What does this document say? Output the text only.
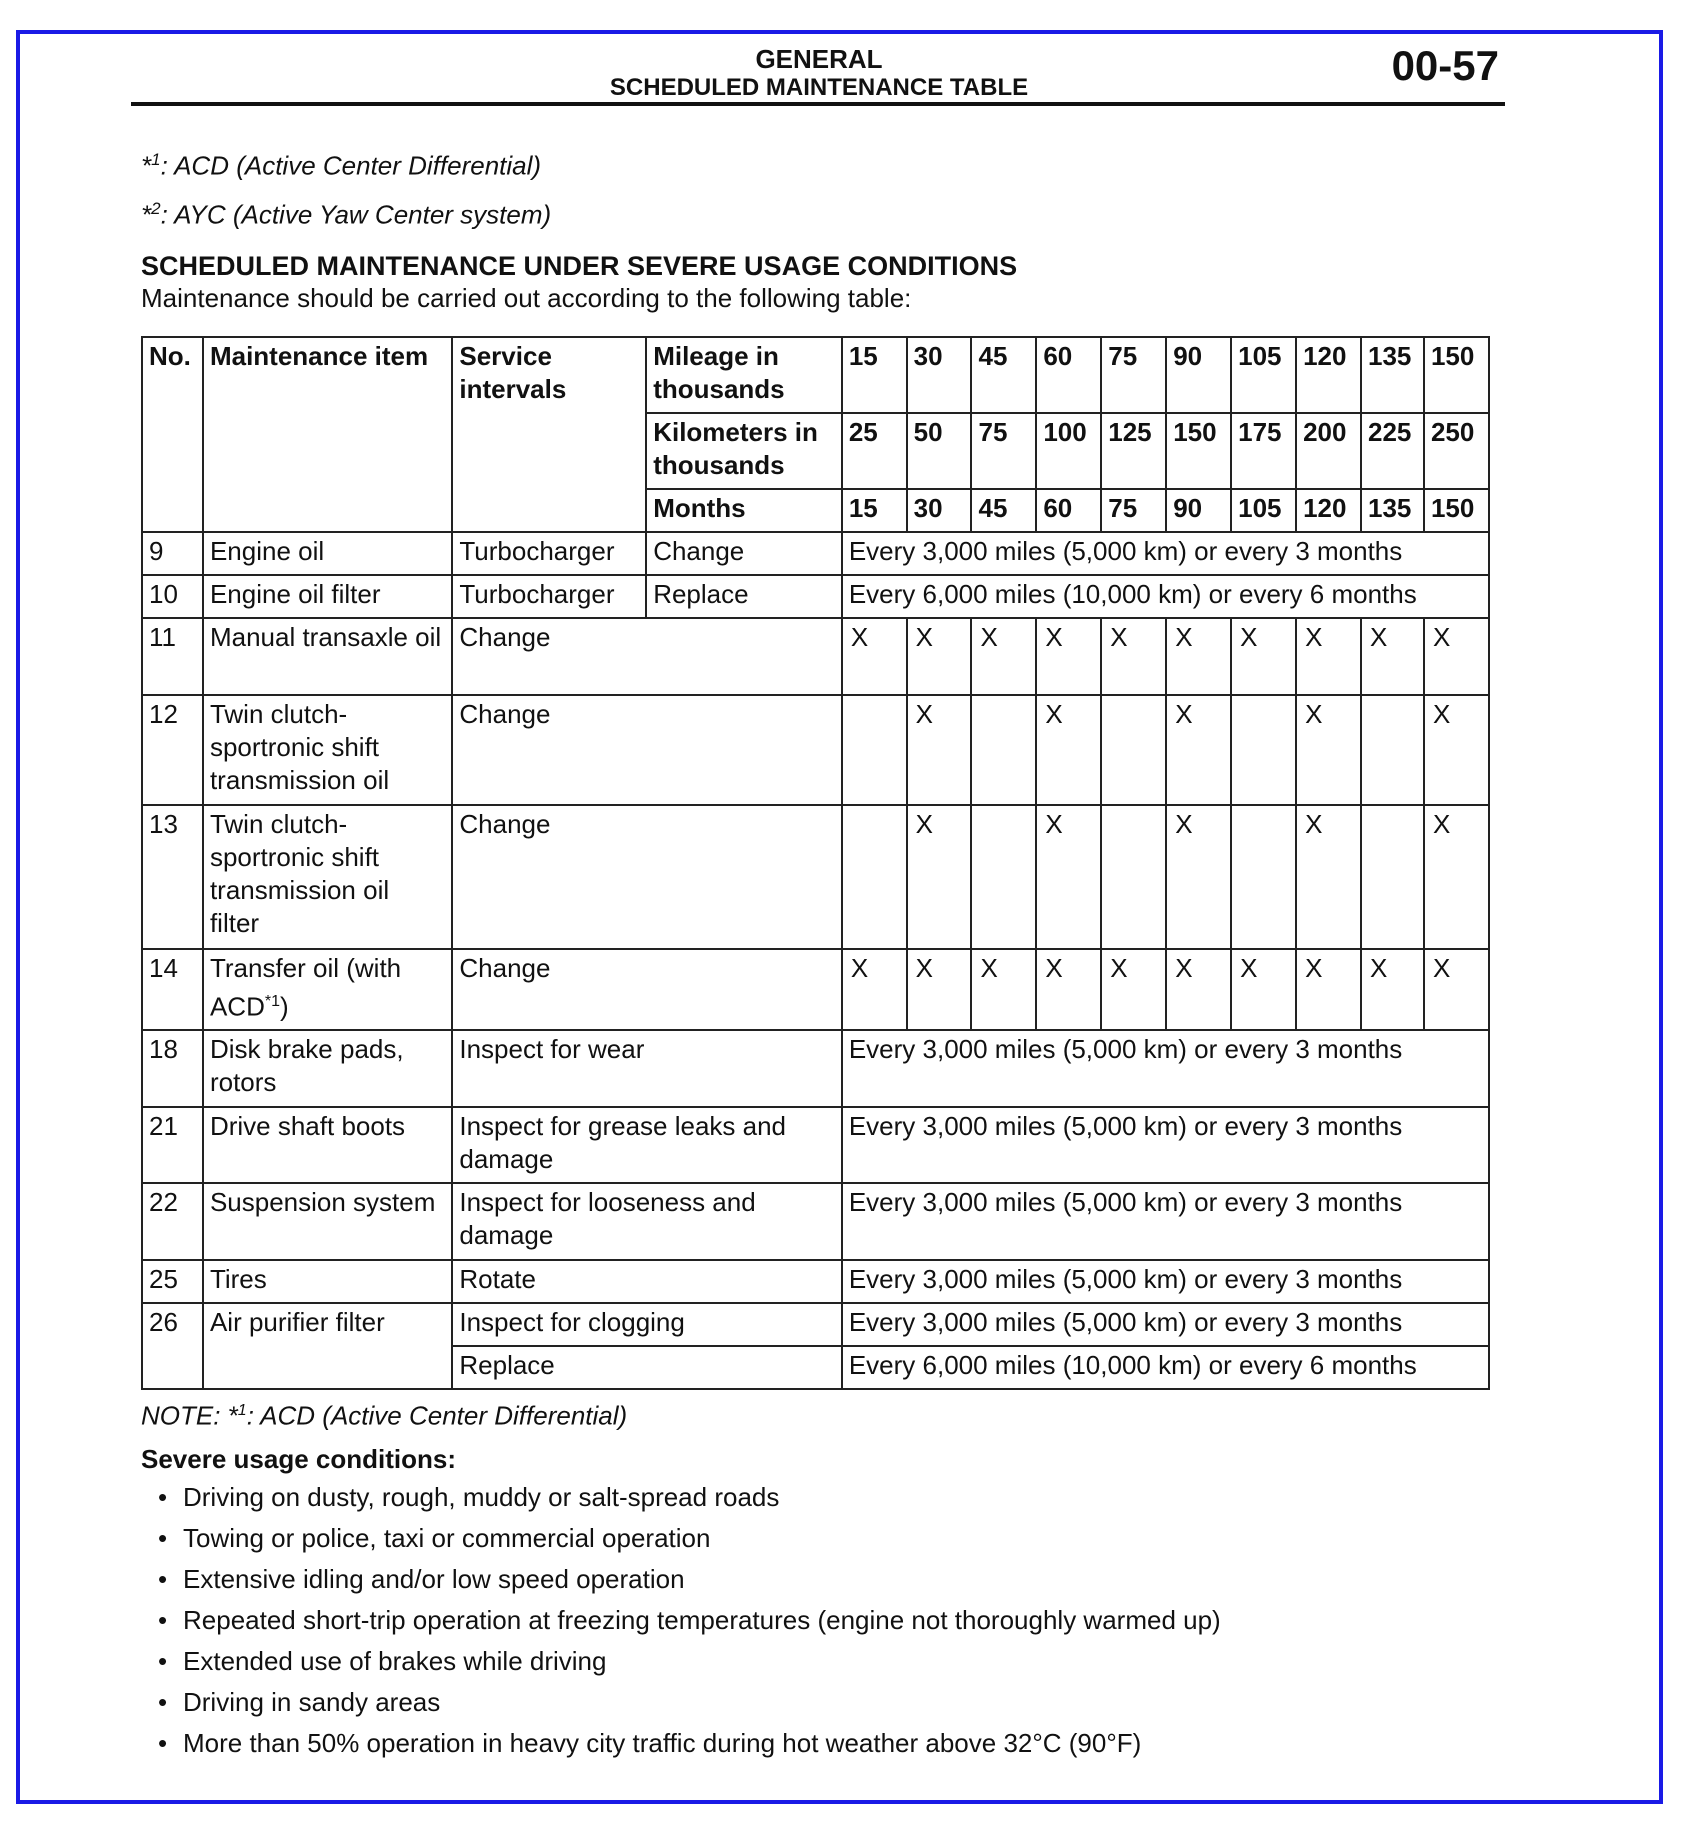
GENERAL
SCHEDULED MAINTENANCE TABLE	00-57
*$^1$: ACD (Active Center Differential)
*$^2$: AYC (Active Yaw Center system)
SCHEDULED MAINTENANCE UNDER SEVERE USAGE CONDITIONS
Maintenance should be carried out according to the following table:
No.	Maintenance item	Service intervals	Mileage in thousands	15	30	45	60	75	90	105	120	135	150
			Kilometers in thousands	25	50	75	100	125	150	175	200	225	250
			Months	15	30	45	60	75	90	105	120	135	150
9	Engine oil	Turbocharger	Change	Every 3,000 miles (5,000 km) or every 3 months									
10	Engine oil filter	Turbocharger	Replace	Every 6,000 miles (10,000 km) or every 6 months									
11	Manual transaxle oil	Change		X	X	X	X	X	X	X	X	X	X
12	Twin clutch-sportronic shift transmission oil	Change			X		X		X		X		X
13	Twin clutch-sportronic shift transmission oil filter	Change			X		X		X		X		X
14	Transfer oil (with ACD$^{*1}$)	Change		X	X	X	X	X	X	X	X	X	X
18	Disk brake pads, rotors	Inspect for wear		Every 3,000 miles (5,000 km) or every 3 months									
21	Drive shaft boots	Inspect for grease leaks and damage		Every 3,000 miles (5,000 km) or every 3 months									
22	Suspension system	Inspect for looseness and damage		Every 3,000 miles (5,000 km) or every 3 months									
25	Tires	Rotate		Every 3,000 miles (5,000 km) or every 3 months									
26	Air purifier filter	Inspect for clogging		Every 3,000 miles (5,000 km) or every 3 months									
		Replace		Every 6,000 miles (10,000 km) or every 6 months									
NOTE: *$^1$: ACD (Active Center Differential)
Severe usage conditions:
• Driving on dusty, rough, muddy or salt-spread roads
• Towing or police, taxi or commercial operation
• Extensive idling and/or low speed operation
• Repeated short-trip operation at freezing temperatures (engine not thoroughly warmed up)
• Extended use of brakes while driving
• Driving in sandy areas
• More than 50% operation in heavy city traffic during hot weather above 32°C (90°F)
